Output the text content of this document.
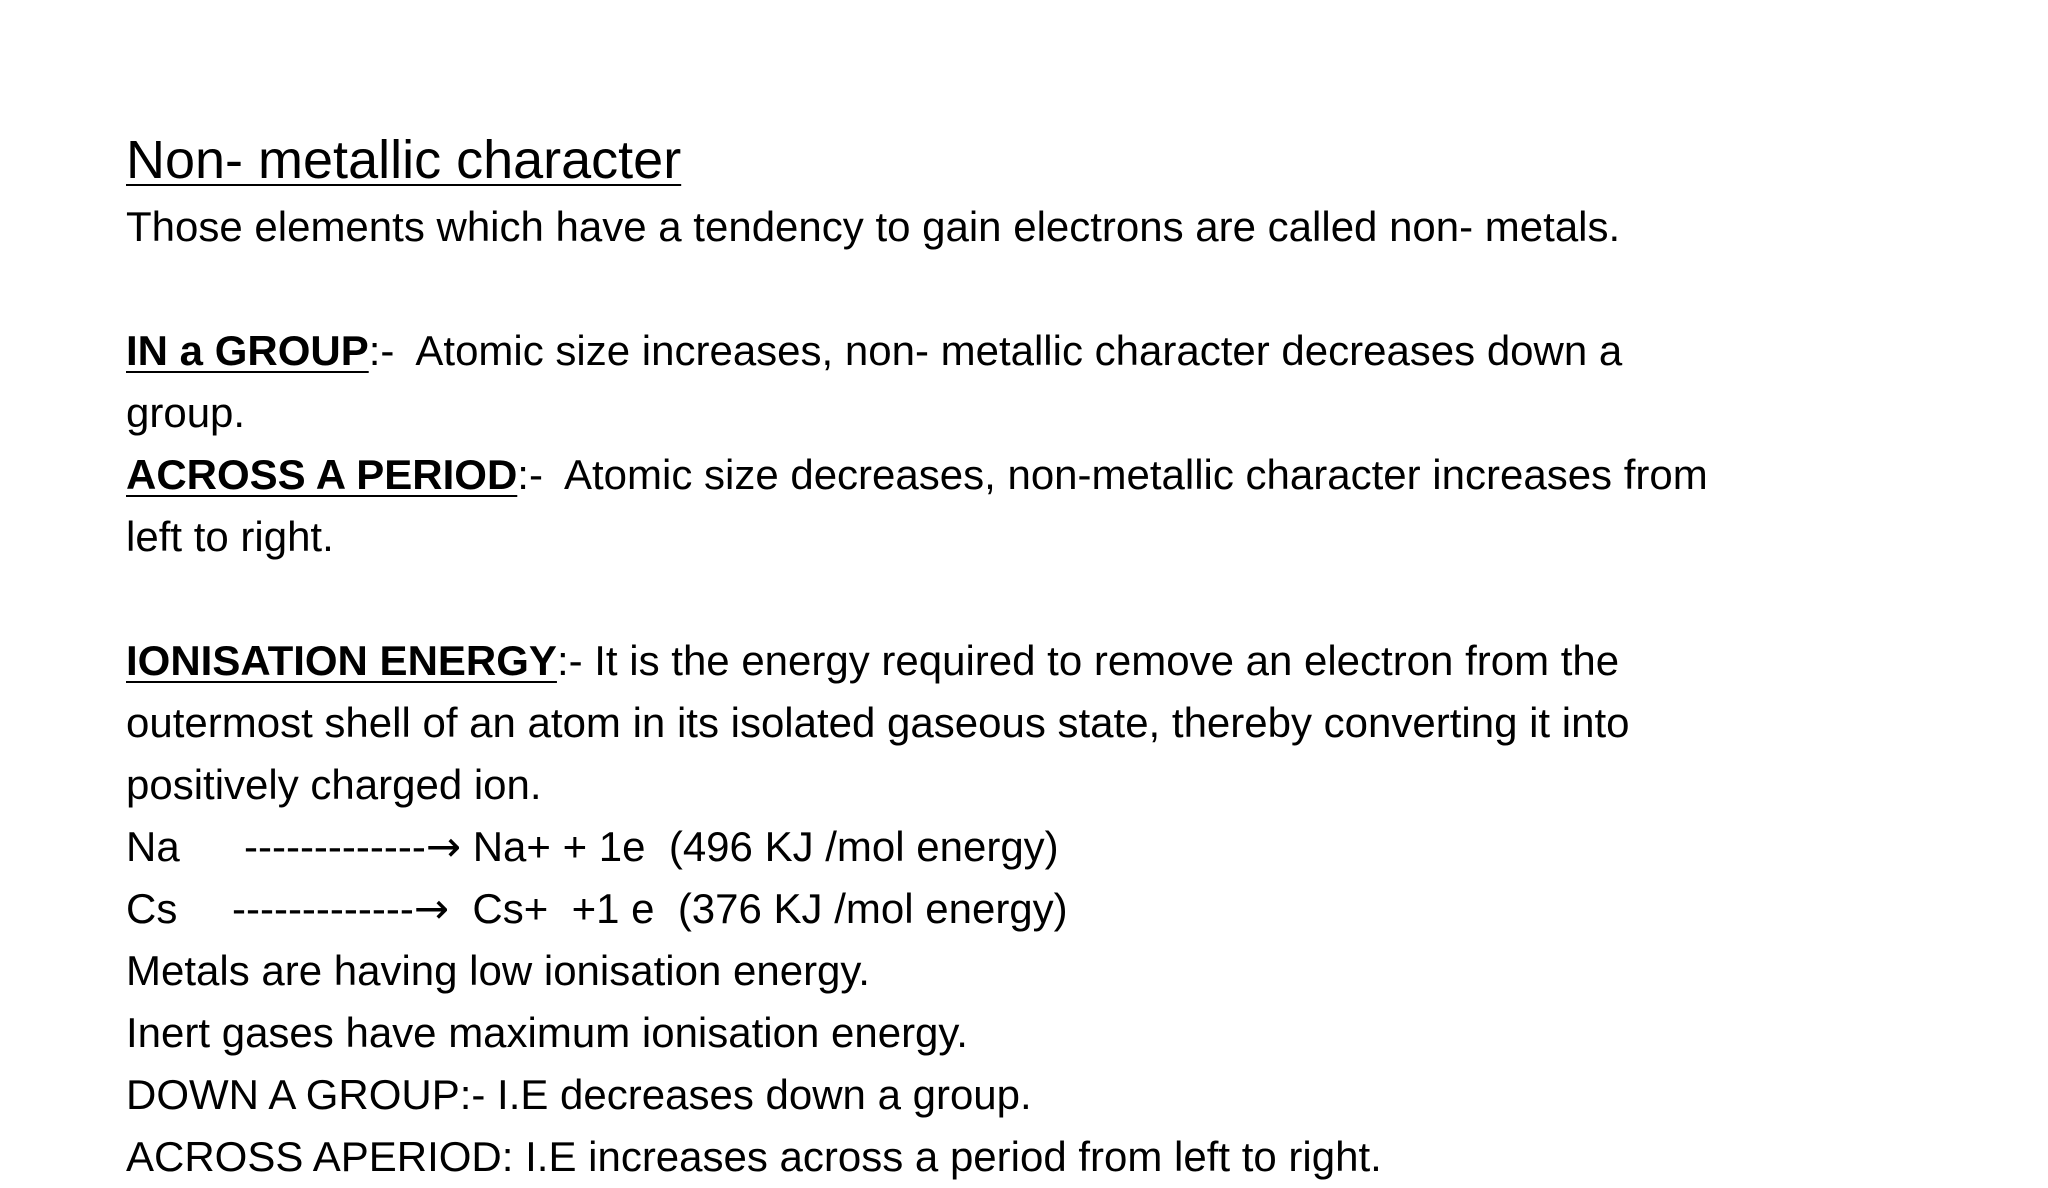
Non- metallic character
Those elements which have a tendency to gain electrons are called non- metals.
IN a GROUP:-  Atomic size increases, non- metallic character decreases down a
group.
ACROSS A PERIOD:-  Atomic size decreases, non-metallic character increases from
left to right.
IONISATION ENERGY:- It is the energy required to remove an electron from the
outermost shell of an atom in its isolated gaseous state, thereby converting it into
positively charged ion.
Na -------------→ Na+ + 1e  (496 KJ /mol energy)
Cs -------------→  Cs+  +1 e  (376 KJ /mol energy)
Metals are having low ionisation energy.
Inert gases have maximum ionisation energy.
DOWN A GROUP:- I.E decreases down a group.
ACROSS APERIOD: I.E increases across a period from left to right.
